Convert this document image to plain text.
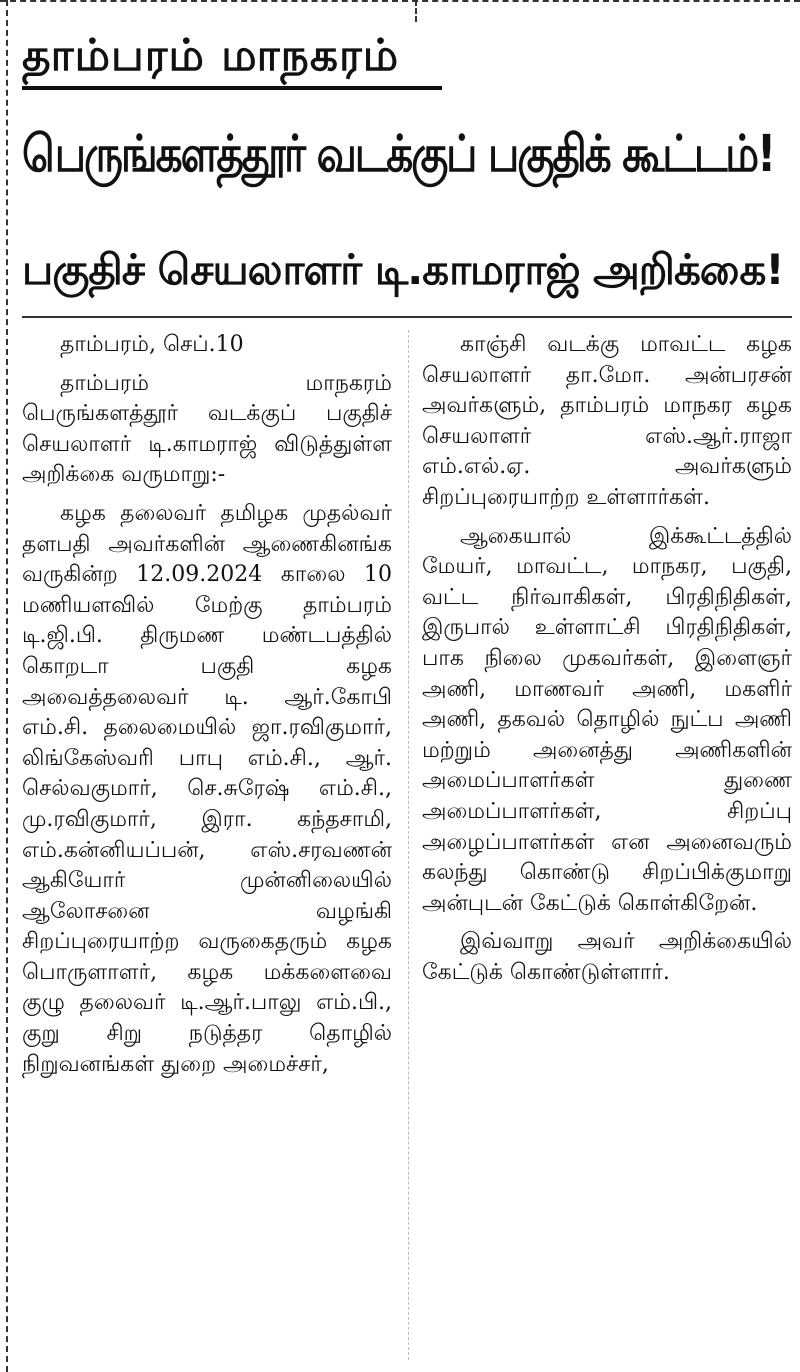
தாம்பரம் மாநகரம்
பெருங்களத்தூர் வடக்குப் பகுதிக் கூட்டம்!
பகுதிச் செயலாளர் டி.காமராஜ் அறிக்கை!

தாம்பரம், செப்.10

தாம்பரம் மாநகரம் பெருங்களத்தூர் வடக்குப் பகுதிச் செயலாளர் டி.காமராஜ் விடுத்துள்ள அறிக்கை வருமாறு:-

கழக தலைவர் தமிழக முதல்வர் தளபதி அவர்களின் ஆணைகினங்க வருகின்ற 12.09.2024 காலை 10 மணியளவில் மேற்கு தாம்பரம் டி.ஜி.பி. திருமண மண்டபத்தில் கொறடா பகுதி கழக அவைத்தலைவர் டி. ஆர்.கோபி எம்.சி. தலைமையில் ஜா.ரவிகுமார், லிங்கேஸ்வரி பாபு எம்.சி., ஆர். செல்வகுமார், செ.சுரேஷ் எம்.சி., மு.ரவிகுமார், இரா. கந்தசாமி, எம்.கன்னியப்பன், எஸ்.சரவணன் ஆகியோர் முன்னிலையில் ஆலோசனை வழங்கி சிறப்புரையாற்ற வருகைதரும் கழக பொருளாளர், கழக மக்களைவை குழு தலைவர் டி.ஆர்.பாலு எம்.பி., குறு சிறு நடுத்தர தொழில் நிறுவனங்கள் துறை அமைச்சர்,

காஞ்சி வடக்கு மாவட்ட கழக செயலாளர் தா.மோ. அன்பரசன் அவர்களும், தாம்பரம் மாநகர கழக செயலாளர் எஸ்.ஆர்.ராஜா எம்.எல்.ஏ. அவர்களும் சிறப்புரையாற்ற உள்ளார்கள்.

ஆகையால் இக்கூட்டத்தில் மேயர், மாவட்ட, மாநகர, பகுதி, வட்ட நிர்வாகிகள், பிரதிநிதிகள், இருபால் உள்ளாட்சி பிரதிநிதிகள், பாக நிலை முகவர்கள், இளைஞர் அணி, மாணவர் அணி, மகளிர் அணி, தகவல் தொழில் நுட்ப அணி மற்றும் அனைத்து அணிகளின் அமைப்பாளர்கள் துணை அமைப்பாளர்கள், சிறப்பு அழைப்பாளர்கள் என அனைவரும் கலந்து கொண்டு சிறப்பிக்குமாறு அன்புடன் கேட்டுக் கொள்கிறேன்.

இவ்வாறு அவர் அறிக்கையில் கேட்டுக் கொண்டுள்ளார்.
